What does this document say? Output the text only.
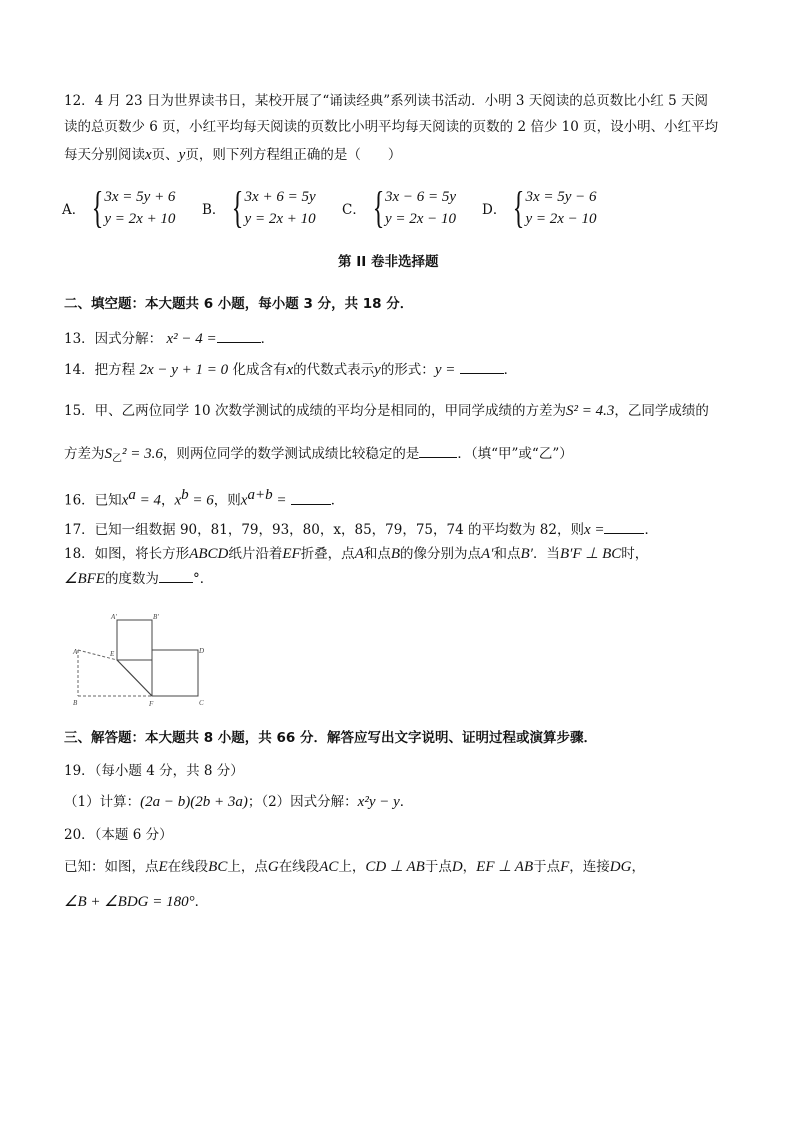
12．4 月 23 日为世界读书日，某校开展了“诵读经典”系列读书活动．小明 3 天阅读的总页数比小红 5 天阅
读的总页数少 6 页，小红平均每天阅读的页数比小明平均每天阅读的页数的 2 倍少 10 页，设小明、小红平均
每天分别阅读x页、y页，则下列方程组正确的是（　　）
A． { 3x = 5y + 6
y = 2x + 10
B． { 3x + 6 = 5y
y = 2x + 10
C． { 3x − 6 = 5y
y = 2x − 10
D． { 3x = 5y − 6
y = 2x − 10
第 II 卷非选择题
二、填空题：本大题共 6 小题，每小题 3 分，共 18 分．
13．因式分解： x² − 4 =	．
14．把方程 2x − y + 1 = 0 化成含有x的代数式表示y的形式：y =	．
15．甲、乙两位同学 10 次数学测试的成绩的平均分是相同的，甲同学成绩的方差为S² = 4.3，乙同学成绩的
方差为$S_乙^2 = 3.6$，则两位同学的数学测试成绩比较稳定的是	．（填“甲”或“乙”）
16．已知$x^a = 4$，$x^b = 6$，则$x^{a+b}$ =	．
17．已知一组数据 90，81，79，93，80，x，85，79，75，74 的平均数为 82，则x =	．
18．如图，将长方形ABCD纸片沿着EF折叠，点A和点B的像分别为点A′和点B′．当B′F ⊥ BC时，
∠BFE的度数为	°．
A'	B'
E	D
A
B	F	C
三、解答题：本大题共 8 小题，共 66 分．解答应写出文字说明、证明过程或演算步骤．
19．（每小题 4 分，共 8 分）
（1）计算：(2a − b)(2b + 3a)；（2）因式分解：x²y − y．
20．（本题 6 分）
已知：如图，点E在线段BC上，点G在线段AC上，CD ⊥ AB于点D，EF ⊥ AB于点F，连接DG，
∠B + ∠BDG = 180°．
